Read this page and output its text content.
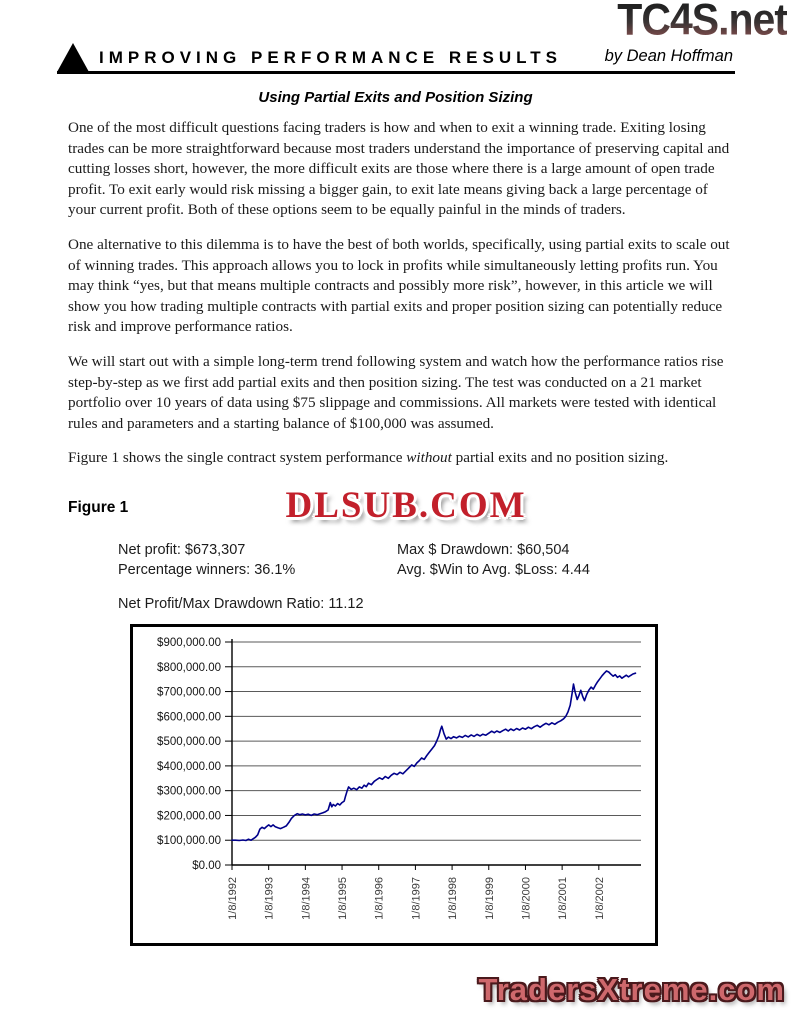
TC4S.net
IMPROVING PERFORMANCE RESULTS	by Dean Hoffman
Using Partial Exits and Position Sizing

One of the most difficult questions facing traders is how and when to exit a winning trade. Exiting losing trades can be more straightforward because most traders understand the importance of preserving capital and cutting losses short, however, the more difficult exits are those where there is a large amount of open trade profit. To exit early would risk missing a bigger gain, to exit late means giving back a large percentage of your current profit. Both of these options seem to be equally painful in the minds of traders.

One alternative to this dilemma is to have the best of both worlds, specifically, using partial exits to scale out of winning trades. This approach allows you to lock in profits while simultaneously letting profits run. You may think “yes, but that means multiple contracts and possibly more risk”, however, in this article we will show you how trading multiple contracts with partial exits and proper position sizing can potentially reduce risk and improve performance ratios.

We will start out with a simple long-term trend following system and watch how the performance ratios rise step-by-step as we first add partial exits and then position sizing. The test was conducted on a 21 market portfolio over 10 years of data using $75 slippage and commissions. All markets were tested with identical rules and parameters and a starting balance of $100,000 was assumed.

Figure 1 shows the single contract system performance without partial exits and no position sizing.

Figure 1	DLSUB.COM
Net profit: $673,307
Percentage winners: 36.1%
Max $ Drawdown: $60,504
Avg. $Win to Avg. $Loss: 4.44
Net Profit/Max Drawdown Ratio: 11.12
$0.00
$100,000.00
$200,000.00
$300,000.00
$400,000.00
$500,000.00
$600,000.00
$700,000.00
$800,000.00
$900,000.00
1/8/1992 1/8/1993 1/8/1994 1/8/1995 1/8/1996 1/8/1997 1/8/1998 1/8/1999 1/8/2000 1/8/2001 1/8/2002
TradersXtreme.com
